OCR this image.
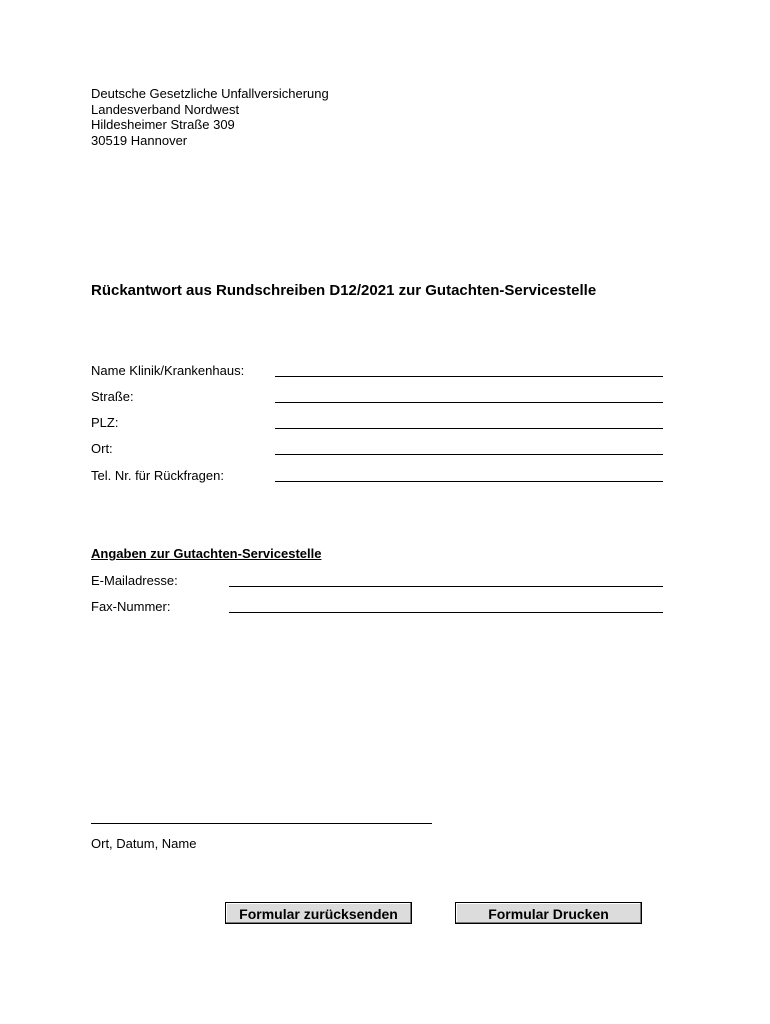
Deutsche Gesetzliche Unfallversicherung
Landesverband Nordwest
Hildesheimer Straße 309
30519 Hannover
Rückantwort aus Rundschreiben D12/2021 zur Gutachten-Servicestelle
Name Klinik/Krankenhaus:
Straße:
PLZ:
Ort:
Tel. Nr. für Rückfragen:
Angaben zur Gutachten-Servicestelle
E-Mailadresse:
Fax-Nummer:
Ort, Datum, Name
Formular zurücksenden	Formular Drucken
